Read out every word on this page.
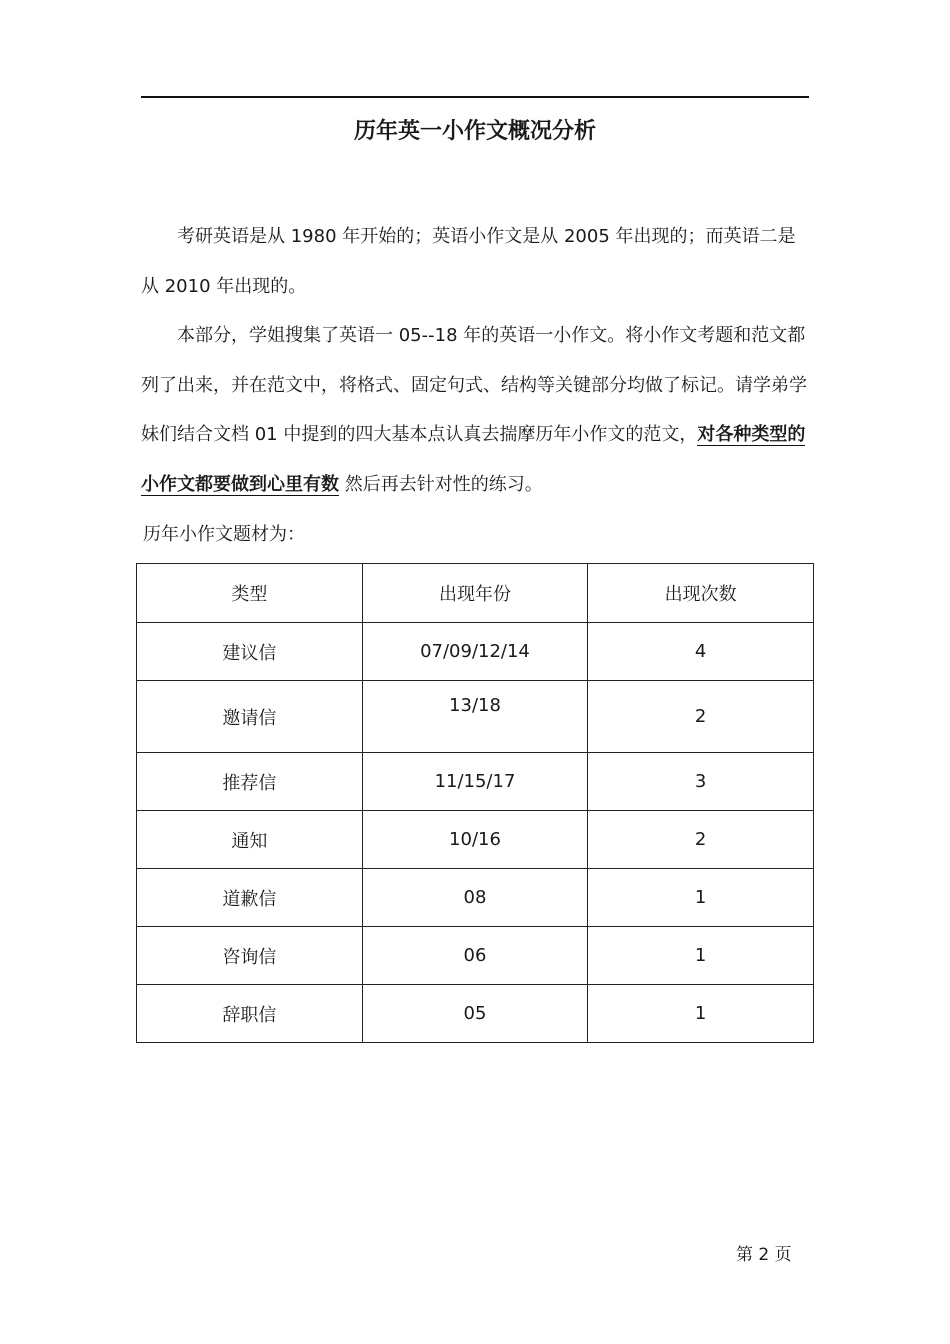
历年英一小作文概况分析

考研英语是从 1980 年开始的；英语小作文是从 2005 年出现的；而英语二是从 2010 年出现的。

本部分，学姐搜集了英语一 05--18 年的英语一小作文。将小作文考题和范文都列了出来，并在范文中，将格式、固定句式、结构等关键部分均做了标记。请学弟学妹们结合文档 01 中提到的四大基本点认真去揣摩历年小作文的范文，对各种类型的小作文都要做到心里有数 然后再去针对性的练习。

历年小作文题材为：

类型	出现年份	出现次数
建议信	07/09/12/14	4
邀请信	13/18	2
推荐信	11/15/17	3
通知	10/16	2
道歉信	08	1
咨询信	06	1
辞职信	05	1
第 2 页
